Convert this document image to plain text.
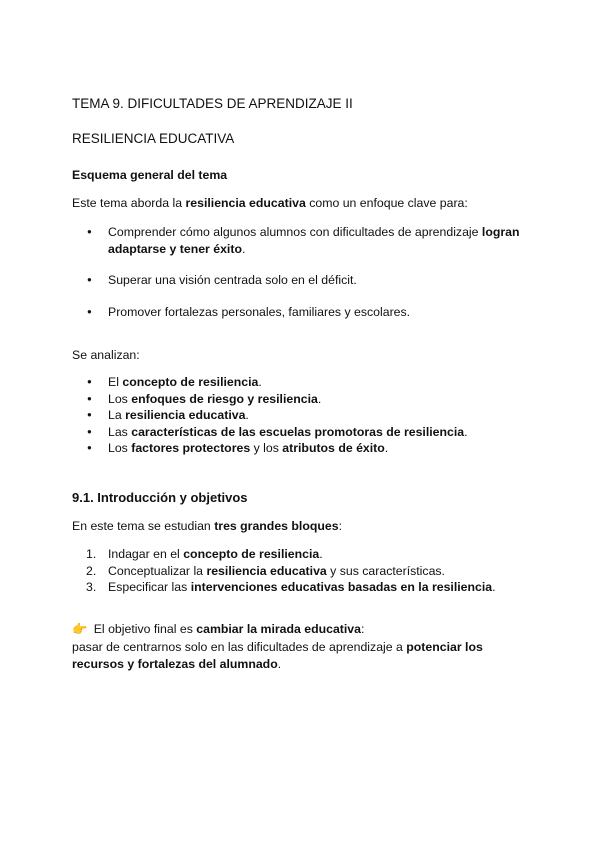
TEMA 9. DIFICULTADES DE APRENDIZAJE II
RESILIENCIA EDUCATIVA

Esquema general del tema

Este tema aborda la resiliencia educativa como un enfoque clave para:

● Comprender cómo algunos alumnos con dificultades de aprendizaje logran adaptarse y tener éxito.
● Superar una visión centrada solo en el déficit.
● Promover fortalezas personales, familiares y escolares.

Se analizan:

● El concepto de resiliencia.
● Los enfoques de riesgo y resiliencia.
● La resiliencia educativa.
● Las características de las escuelas promotoras de resiliencia.
● Los factores protectores y los atributos de éxito.

9.1. Introducción y objetivos

En este tema se estudian tres grandes bloques:

1. Indagar en el concepto de resiliencia.
2. Conceptualizar la resiliencia educativa y sus características.
3. Especificar las intervenciones educativas basadas en la resiliencia.

👉 El objetivo final es cambiar la mirada educativa:

pasar de centrarnos solo en las dificultades de aprendizaje a potenciar los recursos y fortalezas del alumnado.
